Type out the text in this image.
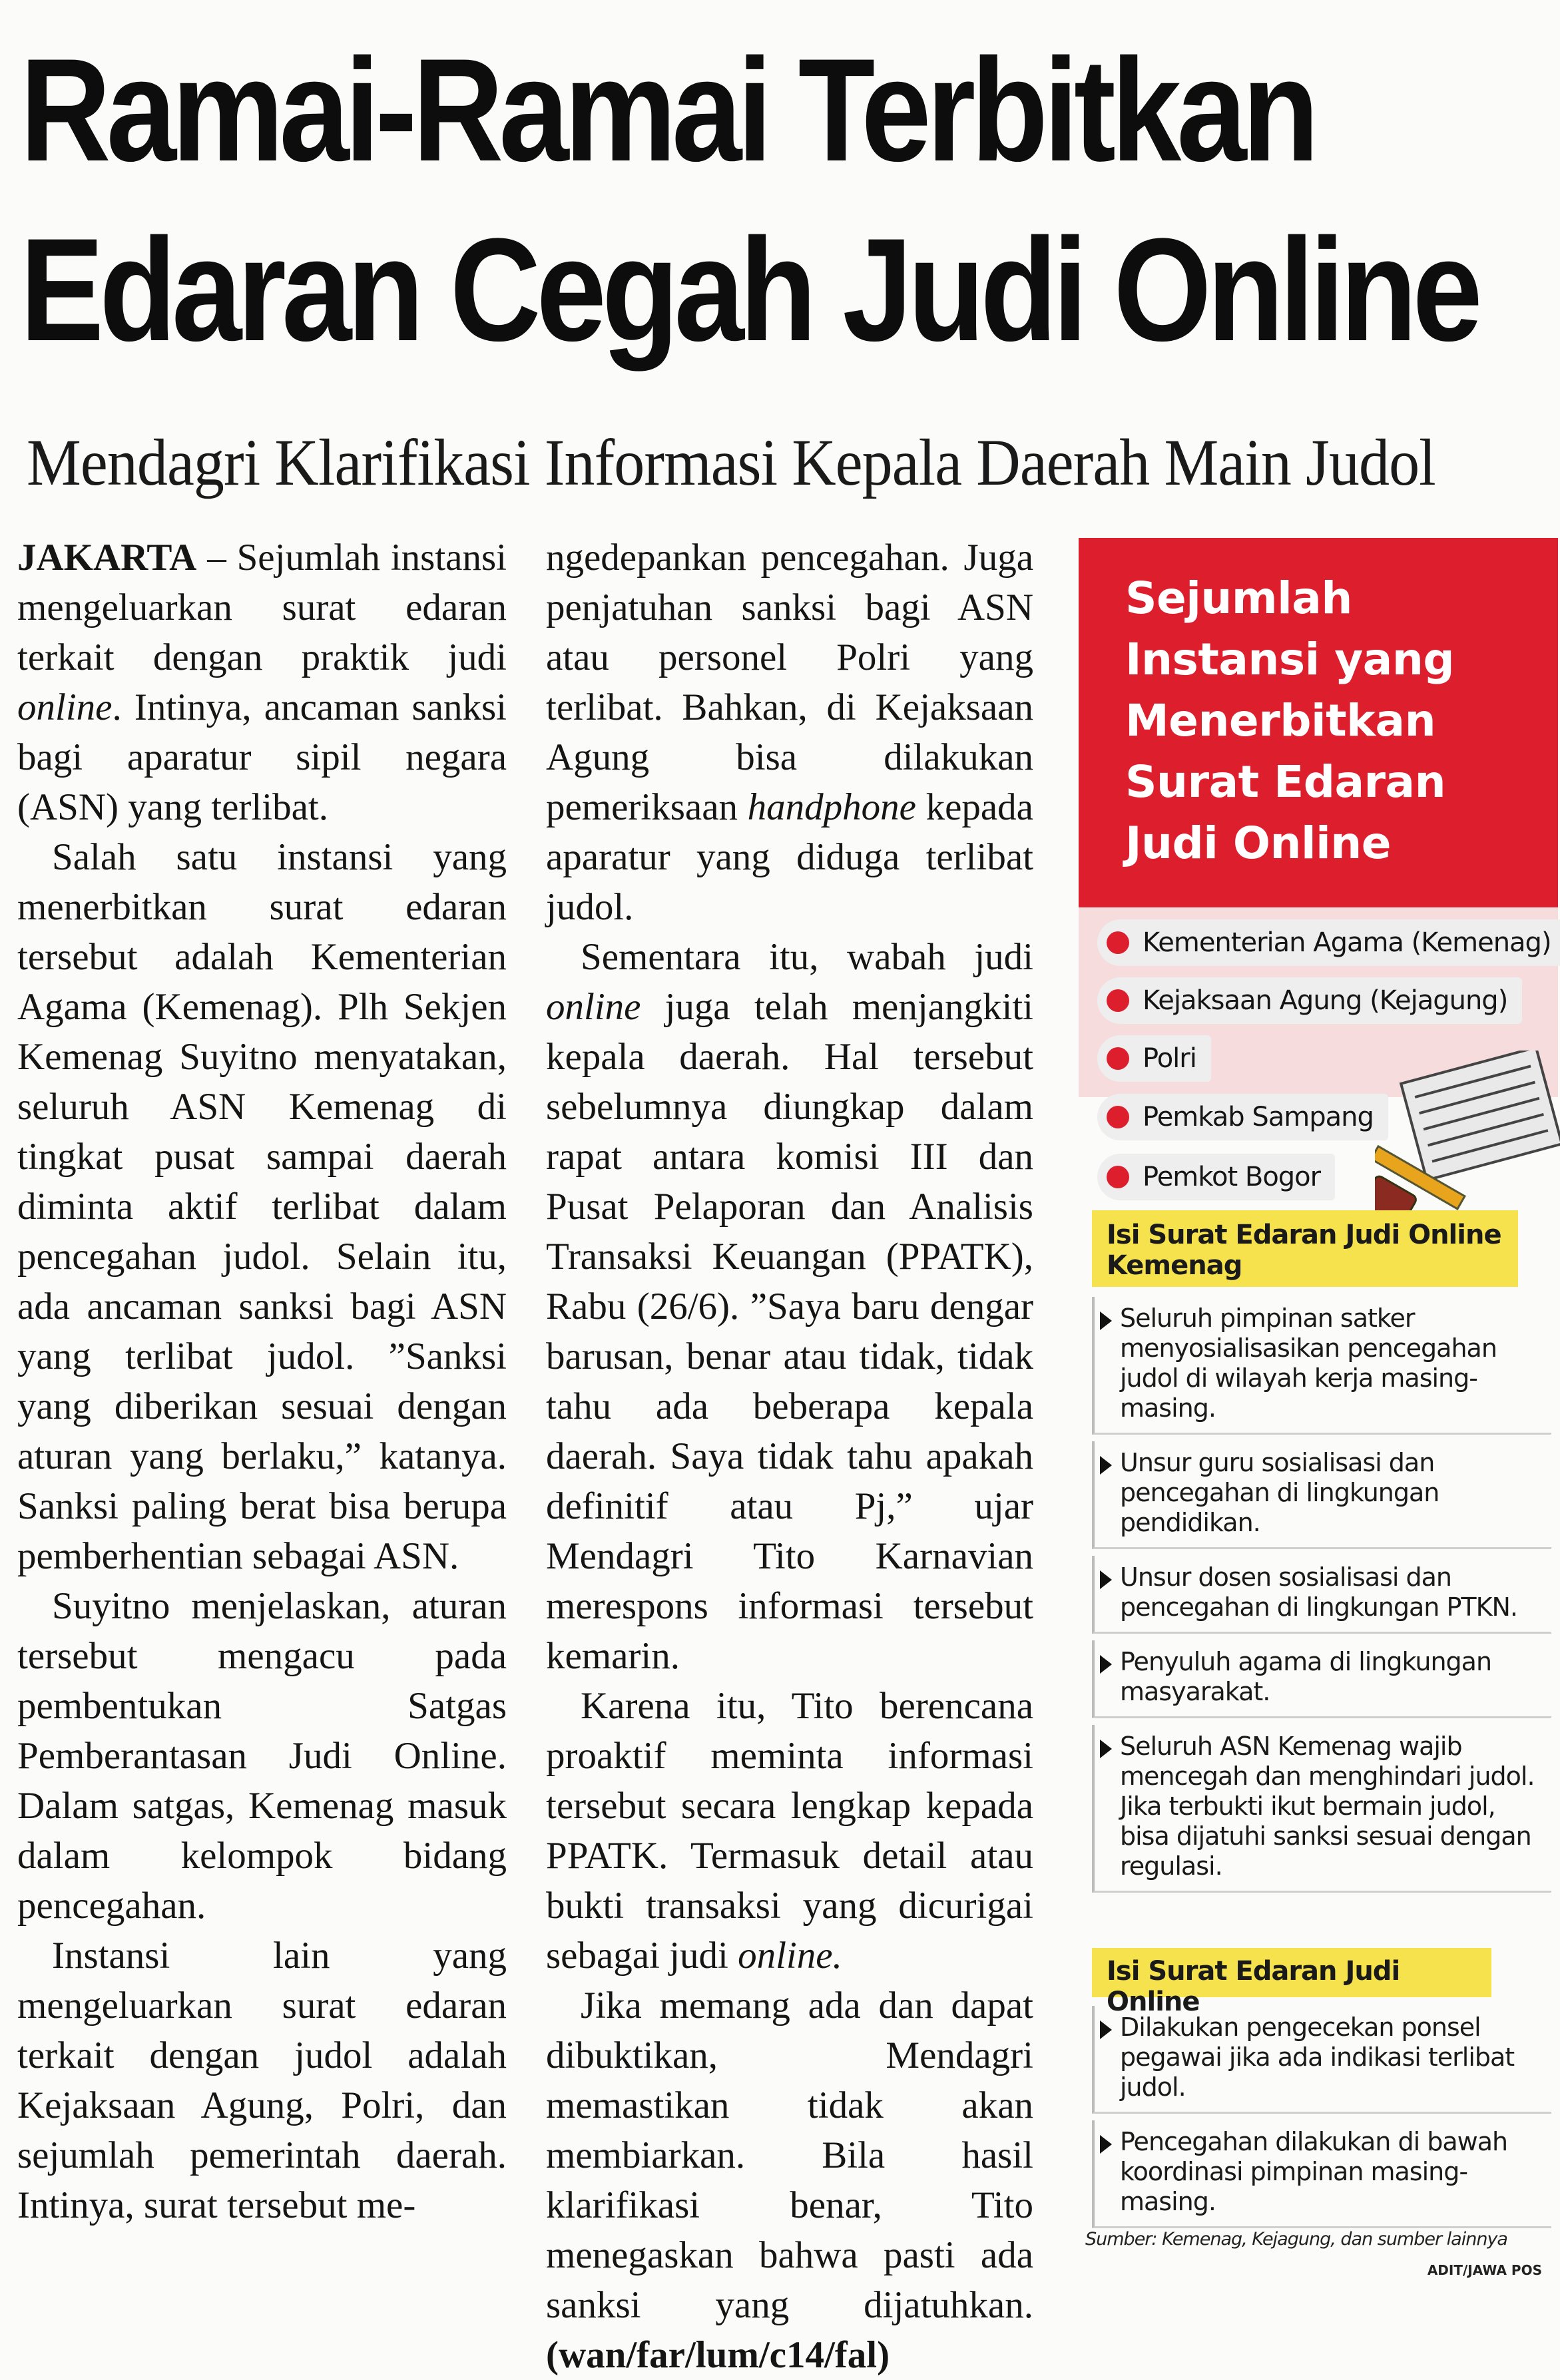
Ramai-Ramai Terbitkan
Edaran Cegah Judi Online
Mendagri Klarifikasi Informasi Kepala Daerah Main Judol

JAKARTA – Sejumlah instansi mengeluarkan surat edaran terkait dengan praktik judi online. Intinya, ancaman sanksi bagi aparatur sipil negara (ASN) yang terlibat.

Salah satu instansi yang menerbitkan surat edaran tersebut adalah Kementerian Agama (Kemenag). Plh Sekjen Kemenag Suyitno menyatakan, seluruh ASN Kemenag di tingkat pusat sampai daerah diminta aktif terlibat dalam pencegahan judol. Selain itu, ada ancaman sanksi bagi ASN yang terlibat judol. ”Sanksi yang diberikan sesuai dengan aturan yang berlaku,” katanya. Sanksi paling berat bisa berupa pemberhentian sebagai ASN.

Suyitno menjelaskan, aturan tersebut mengacu pada pembentukan Satgas Pemberantasan Judi Online. Dalam satgas, Kemenag masuk dalam kelompok bidang pencegahan.

Instansi lain yang mengeluarkan surat edaran terkait dengan judol adalah Kejaksaan Agung, Polri, dan sejumlah pemerintah daerah. Intinya, surat tersebut me-

ngedepankan pencegahan. Juga penjatuhan sanksi bagi ASN atau personel Polri yang terlibat. Bahkan, di Kejaksaan Agung bisa dilakukan pemeriksaan handphone kepada aparatur yang diduga terlibat judol.

Sementara itu, wabah judi online juga telah menjangkiti kepala daerah. Hal tersebut sebelumnya diungkap dalam rapat antara komisi III dan Pusat Pelaporan dan Analisis Transaksi Keuangan (PPATK), Rabu (26/6). ”Saya baru dengar barusan, benar atau tidak, tidak tahu ada beberapa kepala daerah. Saya tidak tahu apakah definitif atau Pj,” ujar Mendagri Tito Karnavian merespons informasi tersebut kemarin.

Karena itu, Tito berencana proaktif meminta informasi tersebut secara lengkap kepada PPATK. Termasuk detail atau bukti transaksi yang dicurigai sebagai judi online.

Jika memang ada dan dapat dibuktikan, Mendagri memastikan tidak akan membiarkan. Bila hasil klarifikasi benar, Tito menegaskan bahwa pasti ada sanksi yang dijatuhkan. (wan/far/lum/c14/fal)

Sejumlah Instansi yang Menerbitkan Surat Edaran Judi Online
Kementerian Agama (Kemenag)
Kejaksaan Agung (Kejagung)
Polri
Pemkab Sampang
Pemkot Bogor
Isi Surat Edaran Judi Online Kemenag
Seluruh pimpinan satker menyosialisasikan pencegahan judol di wilayah kerja masing-masing.
Unsur guru sosialisasi dan pencegahan di lingkungan pendidikan.
Unsur dosen sosialisasi dan pencegahan di lingkungan PTKN.
Penyuluh agama di lingkungan masyarakat.
Seluruh ASN Kemenag wajib mencegah dan menghindari judol. Jika terbukti ikut bermain judol, bisa dijatuhi sanksi sesuai dengan regulasi.
Isi Surat Edaran Judi Online
Dilakukan pengecekan ponsel pegawai jika ada indikasi terlibat judol.
Pencegahan dilakukan di bawah koordinasi pimpinan masing-masing.
Sumber: Kemenag, Kejagung, dan sumber lainnya
ADIT/JAWA POS
